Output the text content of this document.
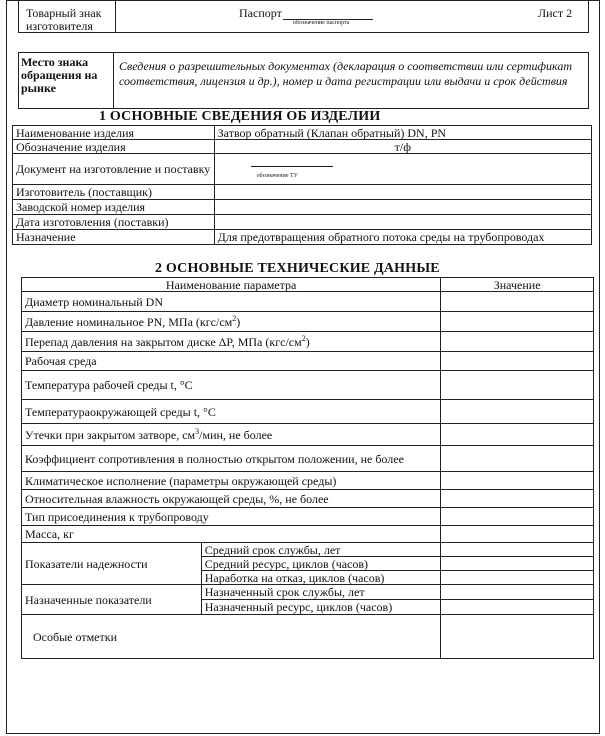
Товарный знак изготовителя
Паспорт
обозначение паспорта
Лист 2
Место знака обращения на рынке
Сведения о разрешительных документах (декларация о соответствии или сертификат соответствия, лицензия и др.), номер и дата регистрации или выдачи и срок действия
1 ОСНОВНЫЕ СВЕДЕНИЯ ОБ ИЗДЕЛИИ
Наименование изделия	Затвор обратный (Клапан обратный) DN, PN
Обозначение изделия	т/ф
Документ на изготовление и поставку	обозначение ТУ
Изготовитель (поставщик)	
Заводской номер изделия	
Дата изготовления (поставки)	
Назначение	Для предотвращения обратного потока среды на трубопроводах
2 ОСНОВНЫЕ ТЕХНИЧЕСКИЕ ДАННЫЕ
Наименование параметра		Значение
Диаметр номинальный DN		
Давление номинальное PN, МПа $(кгс/см^2)$		
Перепад давления на закрытом диске ΔP, МПа $(кгс/см^2)$		
Рабочая среда		
Температура рабочей среды t, °C		
Температураокружающей среды t, °C		
Утечки при закрытом затворе, $см^3$/мин, не более		
Коэффициент сопротивления в полностью открытом положении, не более		
Климатическое исполнение (параметры окружающей среды)		
Относительная влажность окружающей среды, %, не более		
Тип присоединения к трубопроводу		
Масса, кг		
Показатели надежности	Средний срок службы, лет	
	Средний ресурс, циклов (часов)	
	Наработка на отказ, циклов (часов)	
Назначенные показатели	Назначенный срок службы, лет	
	Назначенный ресурс, циклов (часов)	
Особые отметки		
